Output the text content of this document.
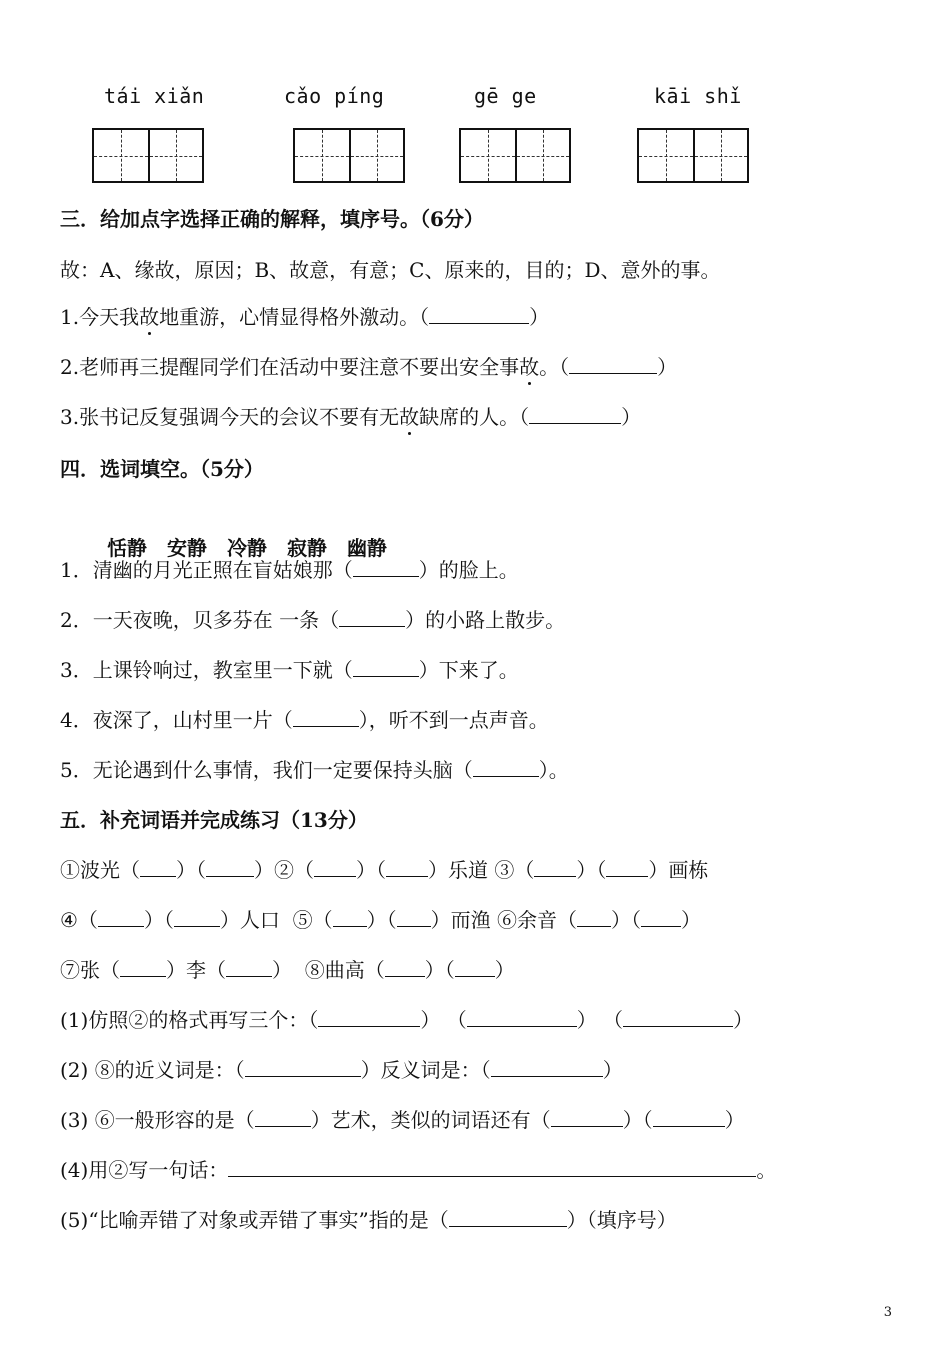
tái xiǎn	cǎo píng	gē ge	kāi shǐ
三．给加点字选择正确的解释，填序号。（6分）
故：A、缘故，原因；B、故意，有意；C、原来的，目的；D、意外的事。
1.今天我故地重游，心情显得格外激动。（	）
2.老师再三提醒同学们在活动中要注意不要出安全事故。（	）
3.张书记反复强调今天的会议不要有无故缺席的人。（	）
四．选词填空。（5分）

恬静  安静  冷静  寂静  幽静

1．清幽的月光正照在盲姑娘那（	）的脸上。
2．一天夜晚，贝多芬在 一条（	）的小路上散步。
3．上课铃响过，教室里一下就（	）下来了。
4．夜深了，山村里一片（	），听不到一点声音。
5．无论遇到什么事情，我们一定要保持头脑（	）。
五．补充词语并完成练习（13分）
①波光（ ）（ ）②（ ）（ ）乐道 ③（ ）（ ）画栋
④（ ）（ ）人口  ⑤（ ）（ ）而渔 ⑥余音（ ）（ ）
⑦张（ ）李（ ）  ⑧曲高（ ）（ ）
(1)仿照②的格式再写三个：（	） （	） （	）
(2) ⑧的近义词是：（	）反义词是：（	）
(3) ⑥一般形容的是（	）艺术，类似的词语还有（	）（	）
(4)用②写一句话：	。
(5)“比喻弄错了对象或弄错了事实”指的是（	）（填序号）
3
